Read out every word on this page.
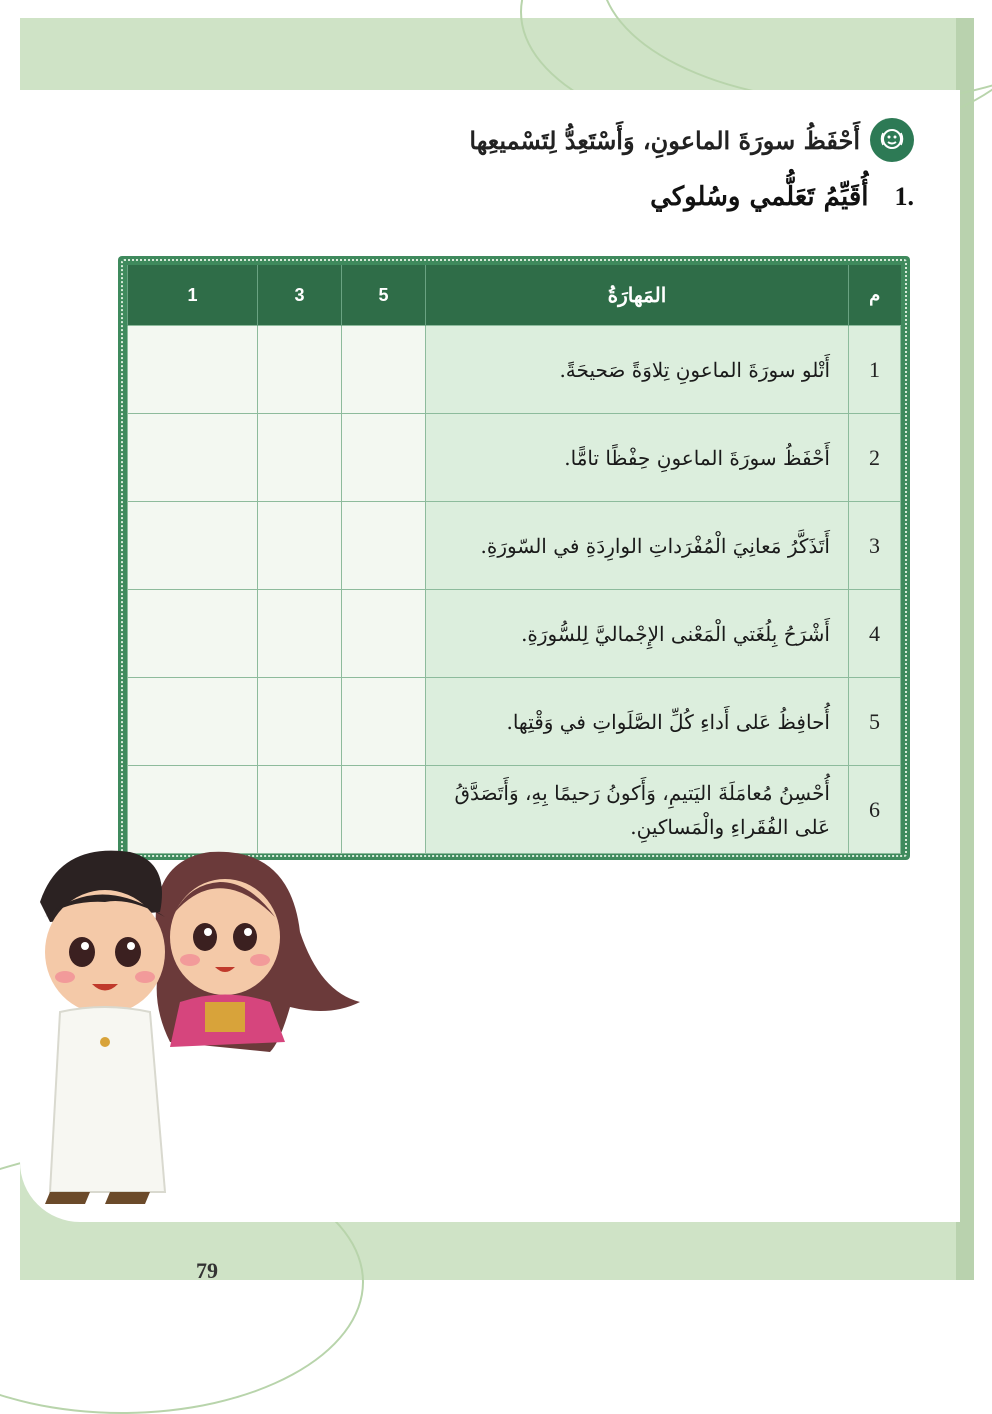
أَحْفَظُ سورَةَ الماعونِ، وَأَسْتَعِدُّ لِتَسْميعِها
.1
أُقَيِّمُ تَعَلُّمي وسُلوكي
م	المَهارَةُ	5	3	1
1	أَتْلو سورَةَ الماعونِ تِلاوَةً صَحيحَةً.			
2	أَحْفَظُ سورَةَ الماعونِ حِفْظًا تامًّا.			
3	أَتَذَكَّرُ مَعانِيَ الْمُفْرَداتِ الوارِدَةِ في السّورَةِ.			
4	أَشْرَحُ بِلُغَتي الْمَعْنى الإِجْماليَّ لِلسُّورَةِ.			
5	أُحافِظُ عَلى أَداءِ كُلِّ الصَّلَواتِ في وَقْتِها.			
6	أُحْسِنُ مُعامَلَةَ اليَتيمِ، وَأَكونُ رَحيمًا بِهِ، وَأَتَصَدَّقُ عَلى الفُقَراءِ والْمَساكينِ.			
79
